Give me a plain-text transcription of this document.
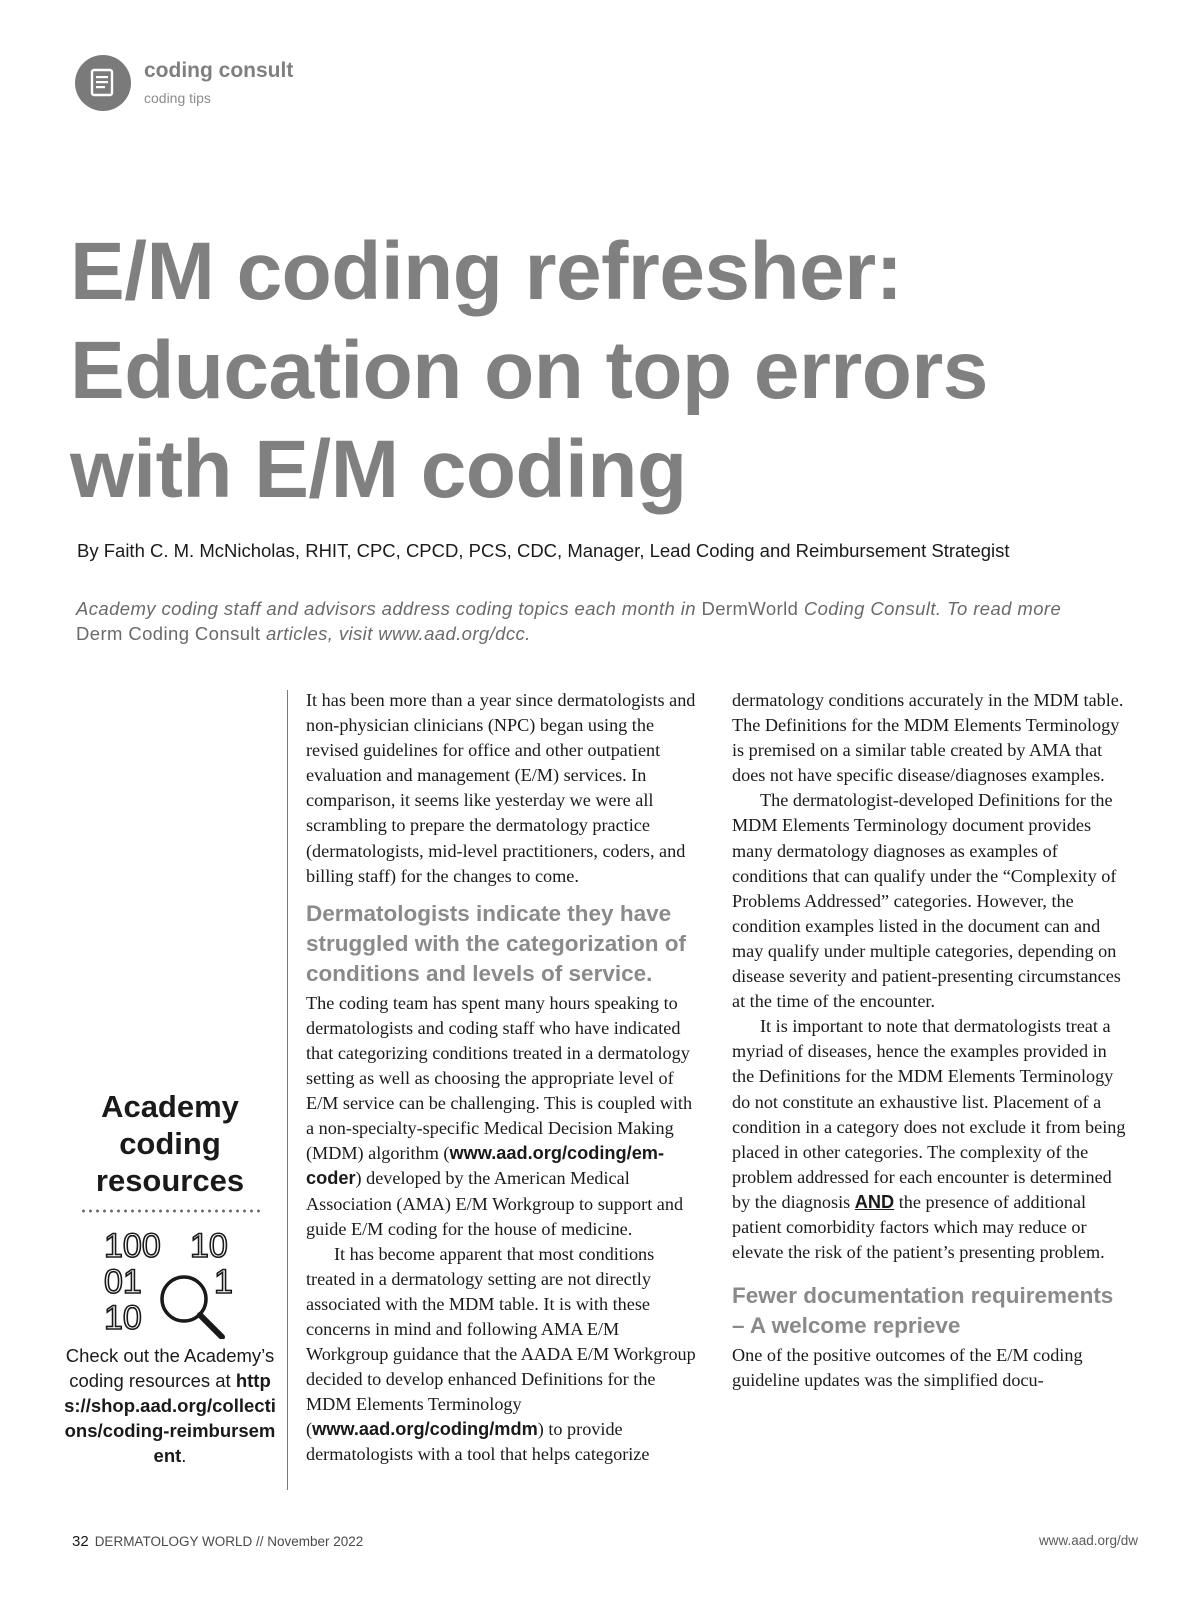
coding consult
coding tips
E/M coding refresher:
Education on top errors
with E/M coding
By Faith C. M. McNicholas, RHIT, CPC, CPCD, PCS, CDC, Manager, Lead Coding and Reimbursement Strategist
Academy coding staff and advisors address coding topics each month in DermWorld Coding Consult. To read more Derm Coding Consult articles, visit www.aad.org/dcc.
Academy
coding
resources
100 10
01 1
10
Check out the Academy’s coding resources at https://shop.aad.org/collections/coding-reimbursement.

It has been more than a year since dermatologists and non-physician clinicians (NPC) began using the revised guidelines for office and other outpatient evaluation and management (E/M) services. In comparison, it seems like yesterday we were all scrambling to prepare the dermatology practice (dermatologists, mid-level practitioners, coders, and billing staff) for the changes to come.

Dermatologists indicate they have struggled with the categorization of conditions and levels of service.

The coding team has spent many hours speaking to dermatologists and coding staff who have indicated that categorizing conditions treated in a dermatology setting as well as choosing the appropriate level of E/M service can be challenging. This is coupled with a non-specialty-specific Medical Decision Making (MDM) algorithm (www.aad.org/coding/em-coder) developed by the American Medical Association (AMA) E/M Workgroup to support and guide E/M coding for the house of medicine.

It has become apparent that most conditions treated in a dermatology setting are not directly associated with the MDM table. It is with these concerns in mind and following AMA E/M Workgroup guidance that the AADA E/M Workgroup decided to develop enhanced Definitions for the MDM Elements Terminology (www.aad.org/coding/mdm) to provide dermatologists with a tool that helps categorize

dermatology conditions accurately in the MDM table. The Definitions for the MDM Elements Terminology is premised on a similar table created by AMA that does not have specific disease/diagnoses examples.

The dermatologist-developed Definitions for the MDM Elements Terminology document provides many dermatology diagnoses as examples of conditions that can qualify under the “Complexity of Problems Addressed” categories. However, the condition examples listed in the document can and may qualify under multiple categories, depending on disease severity and patient-presenting circumstances at the time of the encounter.

It is important to note that dermatologists treat a myriad of diseases, hence the examples provided in the Definitions for the MDM Elements Terminology do not constitute an exhaustive list. Placement of a condition in a category does not exclude it from being placed in other categories. The complexity of the problem addressed for each encounter is determined by the diagnosis AND the presence of additional patient comorbidity factors which may reduce or elevate the risk of the patient’s presenting problem.

Fewer documentation requirements – A welcome reprieve

One of the positive outcomes of the E/M coding guideline updates was the simplified docu-

32 DERMATOLOGY WORLD // November 2022	www.aad.org/dw
